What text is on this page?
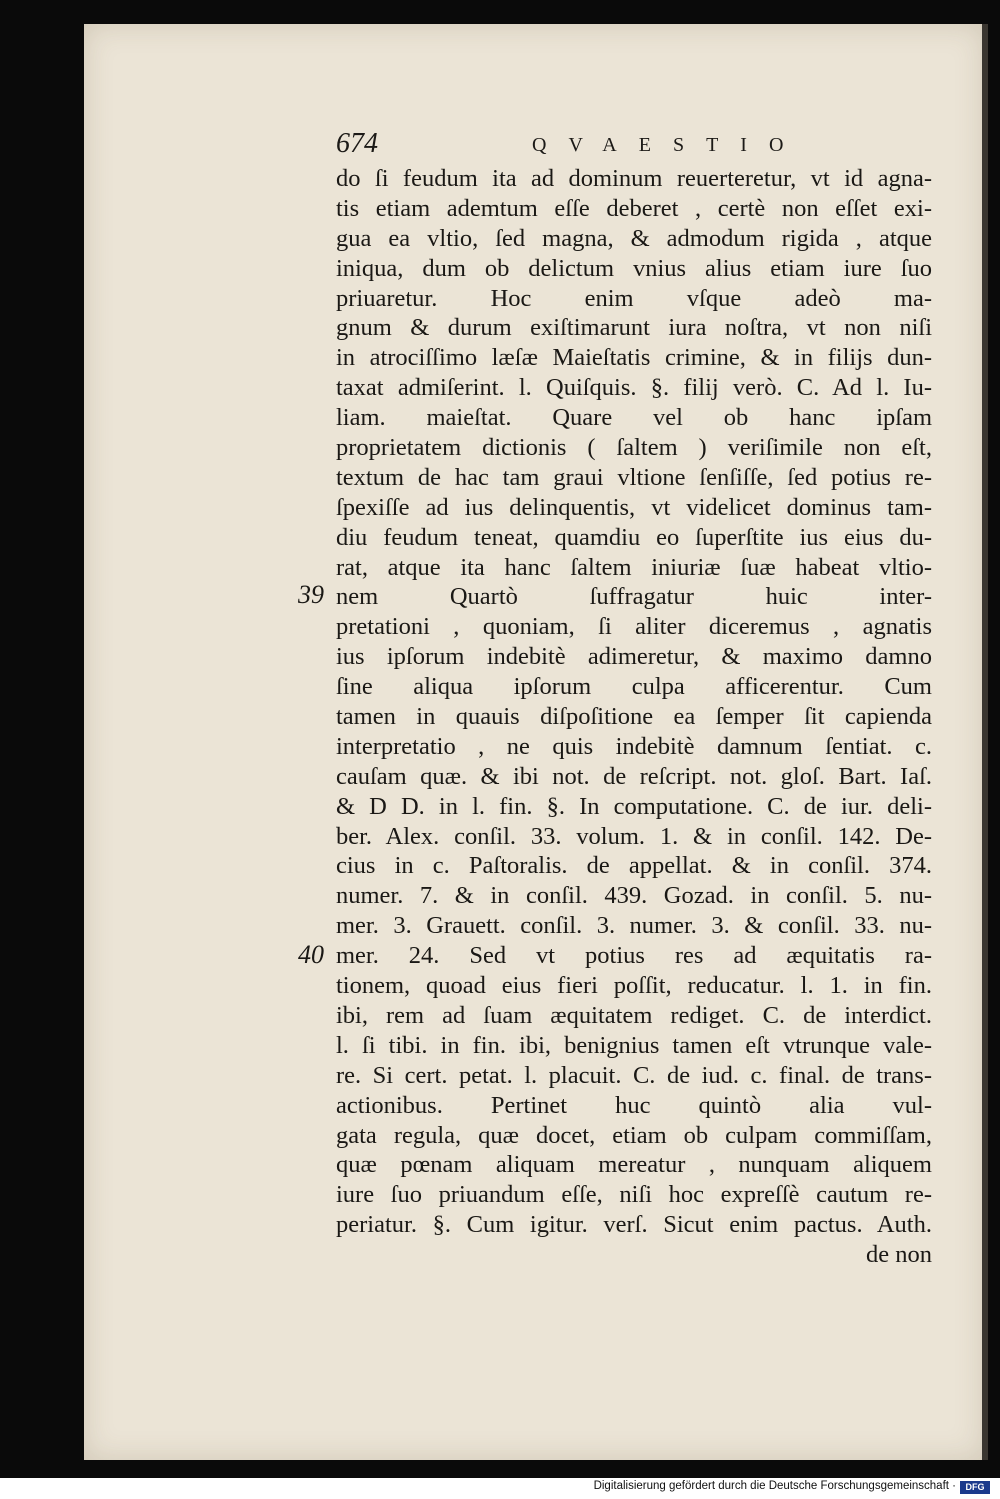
674	QVAESTIO
do ſi feudum ita ad dominum reuerteretur, vt id agna-
tis etiam ademtum eſſe deberet , certè non eſſet exi-
gua ea vltio, ſed magna, & admodum rigida , atque
iniqua, dum ob delictum vnius alius etiam iure ſuo
priuaretur. Hoc enim vſque adeò ma-
gnum & durum exiſtimarunt iura noſtra, vt non niſi
in atrociſſimo læſæ Maieſtatis crimine, & in filijs dun-
taxat admiſerint. l. Quiſquis. §. filij verò. C. Ad l. Iu-
liam. maieſtat. Quare vel ob hanc ipſam
proprietatem dictionis ( ſaltem ) veriſimile non eſt,
textum de hac tam graui vltione ſenſiſſe, ſed potius re-
ſpexiſſe ad ius delinquentis, vt videlicet dominus tam-
diu feudum teneat, quamdiu eo ſuperſtite ius eius du-
rat, atque ita hanc ſaltem iniuriæ ſuæ habeat vltio-
nem Quartò ſuffragatur huic inter-
pretationi , quoniam, ſi aliter diceremus , agnatis
ius ipſorum indebitè adimeretur, & maximo damno
ſine aliqua ipſorum culpa afficerentur. Cum
tamen in quauis diſpoſitione ea ſemper ſit capienda
interpretatio , ne quis indebitè damnum ſentiat. c.
cauſam quæ. & ibi not. de reſcript. not. gloſ. Bart. Iaſ.
& D D. in l. fin. §. In computatione. C. de iur. deli-
ber. Alex. conſil. 33. volum. 1. & in conſil. 142. De-
cius in c. Paſtoralis. de appellat. & in conſil. 374.
numer. 7. & in conſil. 439. Gozad. in conſil. 5. nu-
mer. 3. Grauett. conſil. 3. numer. 3. & conſil. 33. nu-
mer. 24. Sed vt potius res ad æquitatis ra-
tionem, quoad eius fieri poſſit, reducatur. l. 1. in fin.
ibi, rem ad ſuam æquitatem rediget. C. de interdict.
l. ſi tibi. in fin. ibi, benignius tamen eſt vtrunque vale-
re. Si cert. petat. l. placuit. C. de iud. c. final. de trans-
actionibus. Pertinet huc quintò alia vul-
gata regula, quæ docet, etiam ob culpam commiſſam,
quæ pœnam aliquam mereatur , nunquam aliquem
iure ſuo priuandum eſſe, niſi hoc expreſſè cautum re-
periatur. §. Cum igitur. verſ. Sicut enim pactus. Auth.
de non
39
40
Digitalisierung gefördert durch die Deutsche Forschungsgemeinschaft ·	DFG
